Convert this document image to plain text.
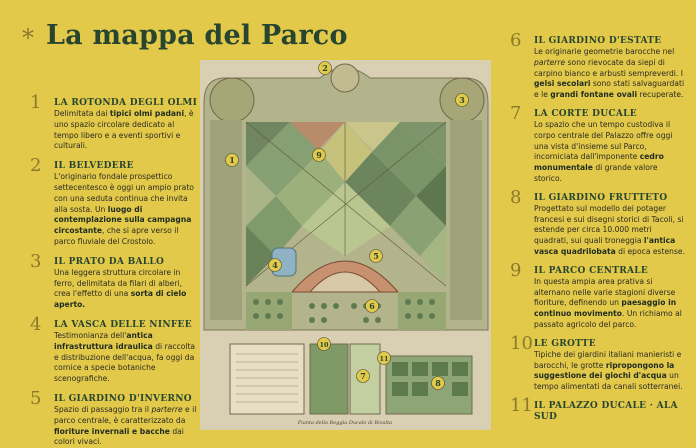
* La mappa del Parco
1 LA ROTONDA DEGLI OLMI
Delimitata dai tipici olmi padani, è uno spazio circolare dedicato al tempo libero e a eventi sportivi e culturali.
2 IL BELVEDERE
L'originario fondale prospettico settecentesco è oggi un ampio prato con una seduta continua che invita alla sosta. Un luogo di contemplazione sulla campagna circostante, che si apre verso il parco fluviale del Crostolo.
3 IL PRATO DA BALLO
Una leggera struttura circolare in ferro, delimitata da filari di alberi, crea l'effetto di una sorta di cielo aperto.
4 LA VASCA DELLE NINFEE
Testimonianza dell'antica infrastruttura idraulica di raccolta e distribuzione dell'acqua, fa oggi da cornice a specie botaniche scenografiche.
5 IL GIARDINO D'INVERNO
Spazio di passaggio tra il parterre e il parco centrale, è caratterizzato da fioriture invernali e bacche dai colori vivaci.
6 IL GIARDINO D'ESTATE
Le originarie geometrie barocche nel parterre sono rievocate da siepi di carpino bianco e arbusti sempreverdi. I gelsi secolari sono stati salvaguardati e le grandi fontane ovali recuperate.
7 LA CORTE DUCALE
Lo spazio che un tempo custodiva il corpo centrale del Palazzo offre oggi una vista d'insieme sul Parco, incorniciata dall'imponente cedro monumentale di grande valore storico.
8 IL GIARDINO FRUTTETO
Progettato sul modello dei potager francesi e sui disegni storici di Tacoli, si estende per circa 10.000 metri quadrati, sui quali troneggia l'antica vasca quadrilobata di epoca estense.
9 IL PARCO CENTRALE
In questa ampia area prativa si alternano nelle varie stagioni diverse fioriture, definendo un paesaggio in continuo movimento. Un richiamo al passato agricolo del parco.
10 LE GROTTE
Tipiche dei giardini italiani manieristi e barocchi, le grotte ripropongono la suggestione dei giochi d'acqua un tempo alimentati da canali sotterranei.
11 IL PALAZZO DUCALE · ALA SUD
1
2
3
4
5
6
7
8
9
10
11
Pianta della Reggia Ducale di Rivalta
